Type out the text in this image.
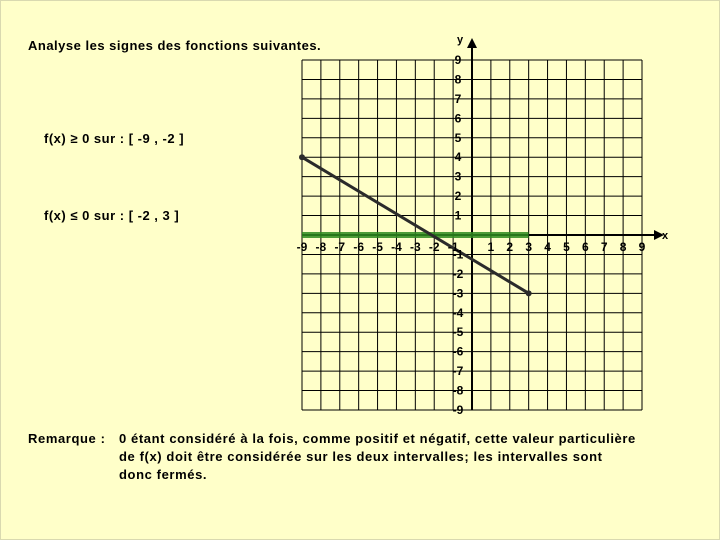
Analyse les signes des fonctions suivantes.
f(x) ≥ 0 sur : [ -9 , -2 ]
f(x) ≤ 0 sur : [ -2 , 3 ]
Remarque : 0 étant considéré à la fois, comme positif et négatif, cette valeur particulière de f(x) doit être considérée sur les deux intervalles; les intervalles sont donc fermés.
-9 -8 -7 -6 -5 -4 -3 -2 -1 1 2 3 4 5 6 7 8 9
9
8
7
6
5
4
3
2
1
-1
-2
-3
-4
-5
-6
-7
-8
-9
x
y
